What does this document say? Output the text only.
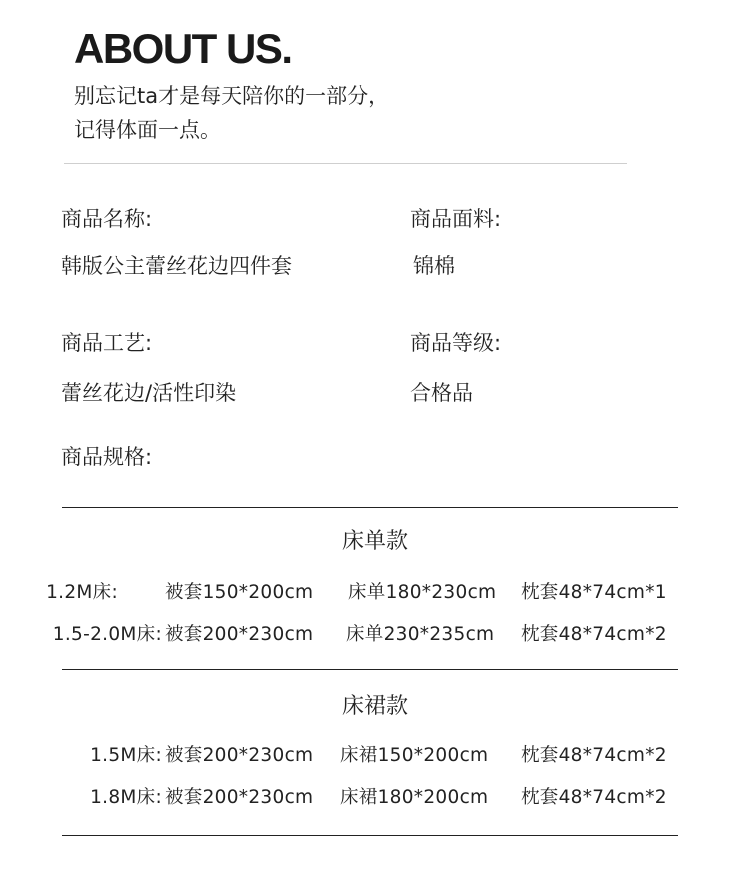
ABOUT US.
别忘记ta才是每天陪你的一部分，
记得体面一点。
商品名称:
韩版公主蕾丝花边四件套
商品面料:
锦棉
商品工艺:
蕾丝花边/活性印染
商品等级:
合格品
商品规格:
床单款
1.2M床:	被套150*200cm 床单180*230cm 枕套48*74cm*1
1.5-2.0M床: 被套200*230cm 床单230*235cm 枕套48*74cm*2
床裙款
1.5M床: 被套200*230cm 床裙150*200cm 枕套48*74cm*2
1.8M床: 被套200*230cm 床裙180*200cm 枕套48*74cm*2
